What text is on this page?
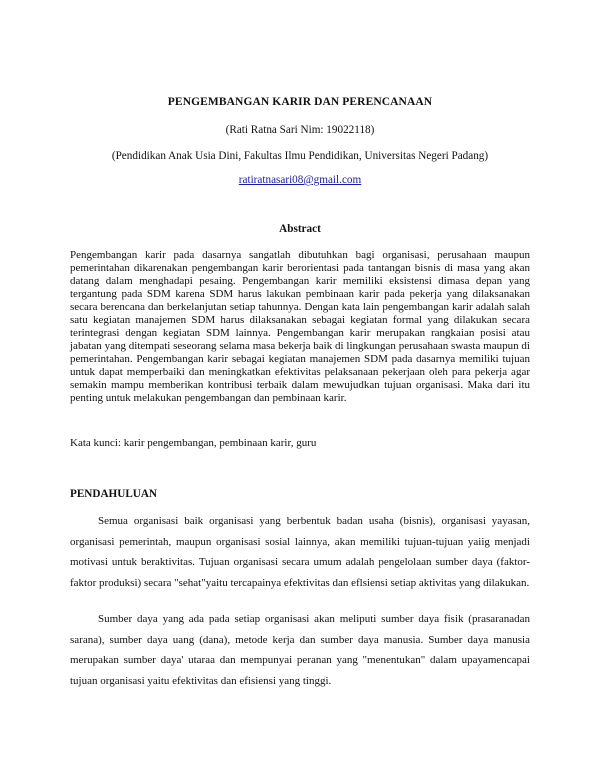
PENGEMBANGAN KARIR DAN PERENCANAAN
(Rati Ratna Sari Nim: 19022118)
(Pendidikan Anak Usia Dini, Fakultas Ilmu Pendidikan, Universitas Negeri Padang)
ratiratnasari08@gmail.com
Abstract

Pengembangan karir pada dasarnya sangatlah dibutuhkan bagi organisasi, perusahaan maupun pemerintahan dikarenakan pengembangan karir berorientasi pada tantangan bisnis di masa yang akan datang dalam menghadapi pesaing. Pengembangan karir memiliki eksistensi dimasa depan yang tergantung pada SDM karena SDM harus lakukan pembinaan karir pada pekerja yang dilaksanakan secara berencana dan berkelanjutan setiap tahunnya. Dengan kata lain pengembangan karir adalah salah satu kegiatan manajemen SDM harus dilaksanakan sebagai kegiatan formal yang dilakukan secara terintegrasi dengan kegiatan SDM lainnya. Pengembangan karir merupakan rangkaian posisi atau jabatan yang ditempati seseorang selama masa bekerja baik di lingkungan perusahaan swasta maupun di pemerintahan. Pengembangan karir sebagai kegiatan manajemen SDM pada dasarnya memiliki tujuan untuk dapat memperbaiki dan meningkatkan efektivitas pelaksanaan pekerjaan oleh para pekerja agar semakin mampu memberikan kontribusi terbaik dalam mewujudkan tujuan organisasi. Maka dari itu penting untuk melakukan pengembangan dan pembinaan karir.

Kata kunci: karir pengembangan, pembinaan karir, guru

PENDAHULUAN

Semua organisasi baik organisasi yang berbentuk badan usaha (bisnis), organisasi yayasan, organisasi pemerintah, maupun organisasi sosial lainnya, akan memiliki tujuan-tujuan yaiig menjadi motivasi untuk beraktivitas. Tujuan organisasi secara umum adalah pengelolaan sumber daya (faktor-faktor produksi) secara "sehat"yaitu tercapainya efektivitas dan eflsiensi setiap aktivitas yang dilakukan.

Sumber daya yang ada pada setiap organisasi akan meliputi sumber daya fisik (prasaranadan sarana), sumber daya uang (dana), metode kerja dan sumber daya manusia. Sumber daya manusia merupakan sumber daya' utaraa dan mempunyai peranan yang "menentukan" dalam upayamencapai tujuan organisasi yaitu efektivitas dan efisiensi yang tinggi.
